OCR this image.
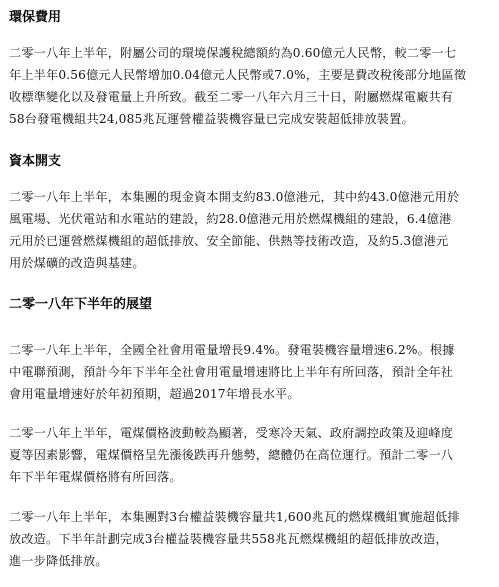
環保費用

二零一八年上半年，附屬公司的環境保護稅總額約為0.60億元人民幣，較二零一七
年上半年0.56億元人民幣增加0.04億元人民幣或7.0%，主要是費改稅後部分地區徵
收標準變化以及發電量上升所致。截至二零一八年六月三十日，附屬燃煤電廠共有
58台發電機組共24,085兆瓦運營權益裝機容量已完成安裝超低排放裝置。

資本開支

二零一八年上半年，本集團的現金資本開支約83.0億港元，其中約43.0億港元用於
風電場、光伏電站和水電站的建設，約28.0億港元用於燃煤機組的建設，6.4億港
元用於已運營燃煤機組的超低排放、安全節能、供熱等技術改造，及約5.3億港元
用於煤礦的改造與基建。

二零一八年下半年的展望

二零一八年上半年，全國全社會用電量增長9.4%。發電裝機容量增速6.2%。根據
中電聯預測，預計今年下半年全社會用電量增速將比上半年有所回落，預計全年社
會用電量增速好於年初預期，超過2017年增長水平。

二零一八年上半年，電煤價格波動較為顯著，受寒冷天氣、政府調控政策及迎峰度
夏等因素影響，電煤價格呈先漲後跌再升態勢，總體仍在高位運行。預計二零一八
年下半年電煤價格將有所回落。

二零一八年上半年，本集團對3台權益裝機容量共1,600兆瓦的燃煤機組實施超低排
放改造。下半年計劃完成3台權益裝機容量共558兆瓦燃煤機組的超低排放改造，
進一步降低排放。
